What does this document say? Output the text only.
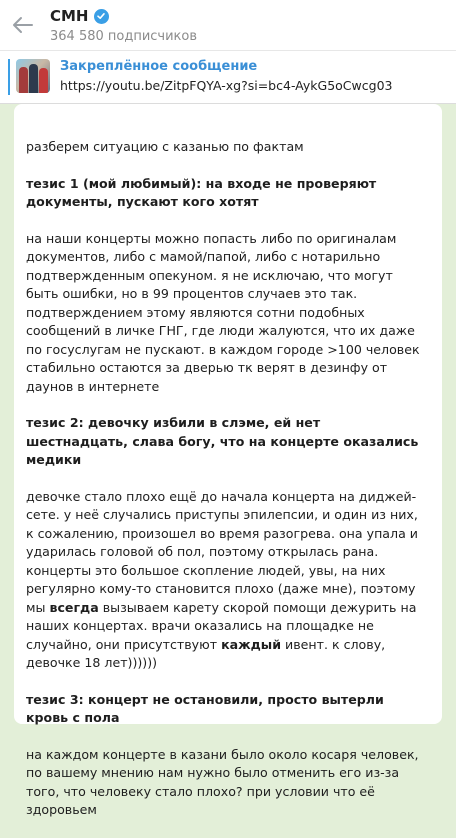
СМН
364 580 подписчиков
Закреплённое сообщение
https://youtu.be/ZitpFQYA-xg?si=bc4-AykG5oCwcg03

разберем ситуацию с казанью по фактам

тезис 1 (мой любимый): на входе не проверяют документы, пускают кого хотят

на наши концерты можно попасть либо по оригиналам документов, либо с мамой/папой, либо с нотарильно подтвержденным опекуном. я не исключаю, что могут быть ошибки, но в 99 процентов случаев это так. подтверждением этому являются сотни подобных сообщений в личке ГНГ, где люди жалуются, что их даже по госуслугам не пускают. в каждом городе >100 человек стабильно остаются за дверью тк верят в дезинфу от даунов в интернете

тезис 2: девочку избили в слэме, ей нет шестнадцать, слава богу, что на концерте оказались медики

девочке стало плохо ещё до начала концерта на диджей-сете. у неё случались приступы эпилепсии, и один из них, к сожалению, произошел во время разогрева. она упала и ударилась головой об пол, поэтому открылась рана. концерты это большое скопление людей, увы, на них регулярно кому-то становится плохо (даже мне), поэтому мы всегда вызываем карету скорой помощи дежурить на наших концертах. врачи оказались на площадке не случайно, они присутствуют каждый ивент. к слову, девочке 18 лет))))))

тезис 3: концерт не остановили, просто вытерли кровь с пола

на каждом концерте в казани было около косаря человек, по вашему мнению нам нужно было отменить его из-за того, что человеку стало плохо? при условии что её здоровьем
